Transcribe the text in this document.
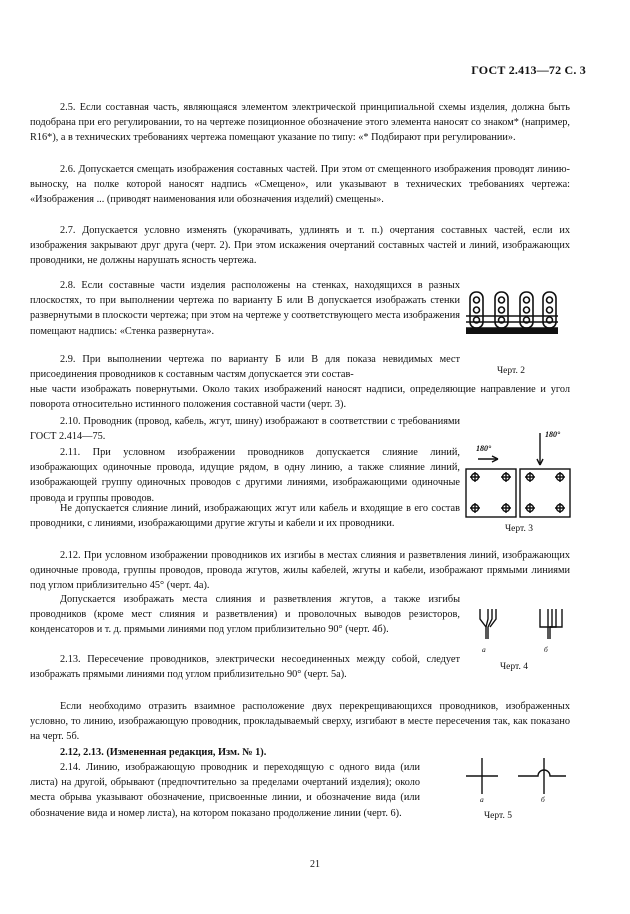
ГОСТ 2.413—72 С. 3

2.5. Если составная часть, являющаяся элементом электрической принципиальной схемы изделия, должна быть подобрана при его регулировании, то на чертеже позиционное обозначение этого элемента наносят со знаком* (например, R16*), а в технических требованиях чертежа помещают указание по типу: «* Подбирают при регулировании».

2.6. Допускается смещать изображения составных частей. При этом от смещенного изображения проводят линию-выноску, на полке которой наносят надпись «Смещено», или указывают в технических требованиях чертежа: «Изображения ... (приводят наименования или обозначения изделий) смещены».

2.7. Допускается условно изменять (укорачивать, удлинять и т. п.) очертания составных частей, если их изображения закрывают друг друга (черт. 2). При этом искажения очертаний составных частей и линий, изображающих проводники, не должны нарушать ясность чертежа.

2.8. Если составные части изделия расположены на стенках, находящихся в разных плоскостях, то при выполнении чертежа по варианту Б или В допускается изображать стенки развернутыми в плоскости чертежа; при этом на чертеже у соответствующего места изображения помещают надпись: «Стенка развернута».

2.9. При выполнении чертежа по варианту Б или В для показа невидимых мест присоединения проводников к составным частям допускается эти состав-

ные части изображать повернутыми. Около таких изображений наносят надписи, определяющие направление и угол поворота относительно истинного положения составной части (черт. 3).

Черт. 2

2.10. Проводник (провод, кабель, жгут, шину) изображают в соответствии с требованиями ГОСТ 2.414—75.

2.11. При условном изображении проводников допускается слияние линий, изображающих одиночные провода, идущие рядом, в одну линию, а также слияние линий, изображающей группу одиночных проводов с другими линиями, изображающими одиночные провода и группы проводов.

Не допускается слияние линий, изображающих жгут или кабель и входящие в его состав проводники, с линиями, изображающими другие жгуты и кабели и их проводники.

180°
180°
Черт. 3

2.12. При условном изображении проводников их изгибы в местах слияния и разветвления линий, изображающих одиночные провода, группы проводов, провода жгутов, жилы кабелей, жгуты и кабели, изображают прямыми линиями под углом приблизительно 45° (черт. 4а).

Допускается изображать места слияния и разветвления жгутов, а также изгибы проводников (кроме мест слияния и разветвления) и проволочных выводов резисторов, конденсаторов и т. д. прямыми линиями под углом приблизительно 90° (черт. 4б).

2.13. Пересечение проводников, электрически несоединенных между собой, следует изображать прямыми линиями под углом приблизительно 90° (черт. 5а).

а	б
Черт. 4

Если необходимо отразить взаимное расположение двух перекрещивающихся проводников, изображенных условно, то линию, изображающую проводник, прокладываемый сверху, изгибают в месте пересечения так, как показано на черт. 5б.

2.12, 2.13. (Измененная редакция, Изм. № 1).

2.14. Линию, изображающую проводник и переходящую с одного вида (или листа) на другой, обрывают (предпочтительно за пределами очертаний изделия); около места обрыва указывают обозначение, присвоенные линии, и обозначение вида (или обозначение вида и номер листа), на котором показано продолжение линии (черт. 6).

а	б
Черт. 5
21
